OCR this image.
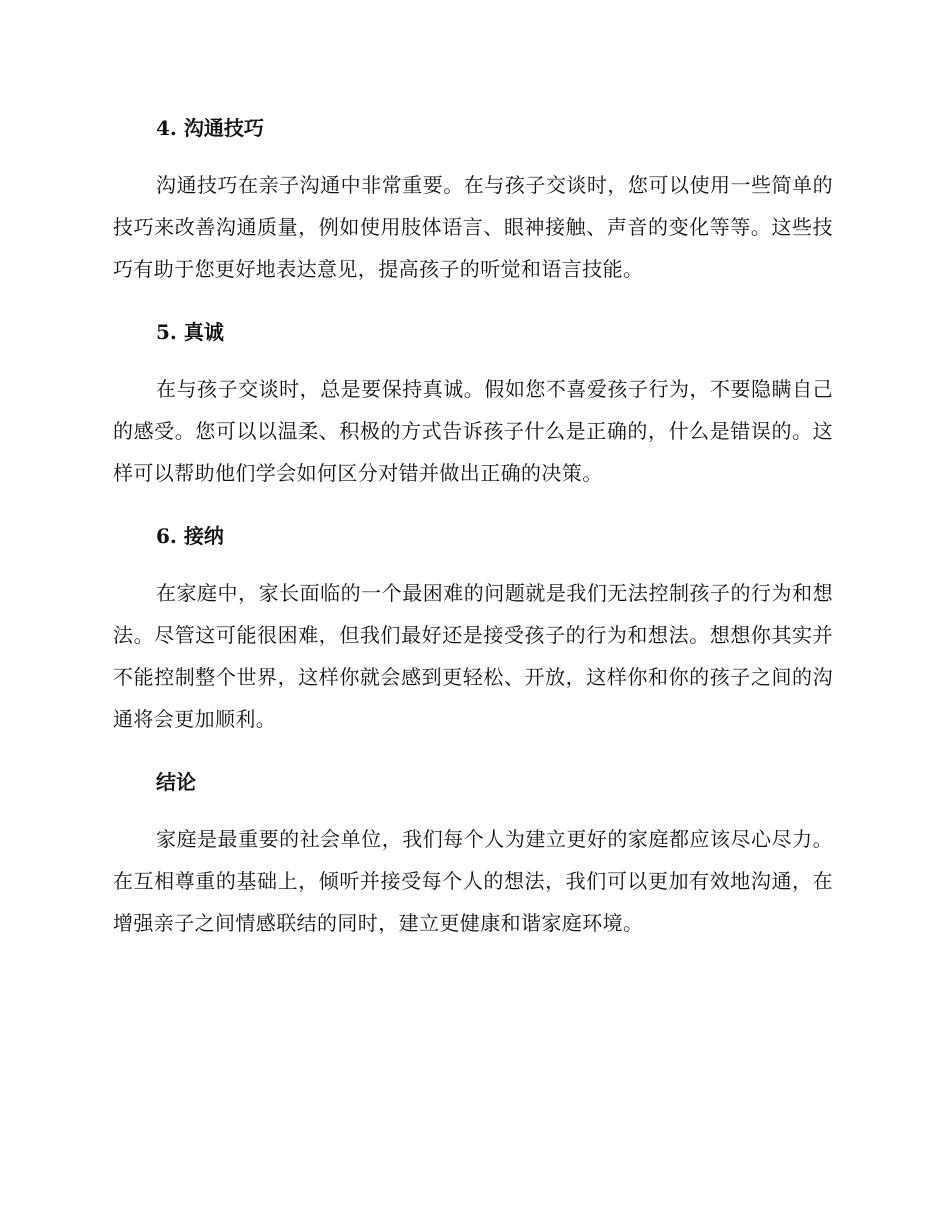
4. 沟通技巧

沟通技巧在亲子沟通中非常重要。在与孩子交谈时，您可以使用一些简单的技巧来改善沟通质量，例如使用肢体语言、眼神接触、声音的变化等等。这些技巧有助于您更好地表达意见，提高孩子的听觉和语言技能。

5. 真诚

在与孩子交谈时，总是要保持真诚。假如您不喜爱孩子行为，不要隐瞒自己的感受。您可以以温柔、积极的方式告诉孩子什么是正确的，什么是错误的。这样可以帮助他们学会如何区分对错并做出正确的决策。

6. 接纳

在家庭中，家长面临的一个最困难的问题就是我们无法控制孩子的行为和想法。尽管这可能很困难，但我们最好还是接受孩子的行为和想法。想想你其实并不能控制整个世界，这样你就会感到更轻松、开放，这样你和你的孩子之间的沟通将会更加顺利。

结论

家庭是最重要的社会单位，我们每个人为建立更好的家庭都应该尽心尽力。在互相尊重的基础上，倾听并接受每个人的想法，我们可以更加有效地沟通，在增强亲子之间情感联结的同时，建立更健康和谐家庭环境。
